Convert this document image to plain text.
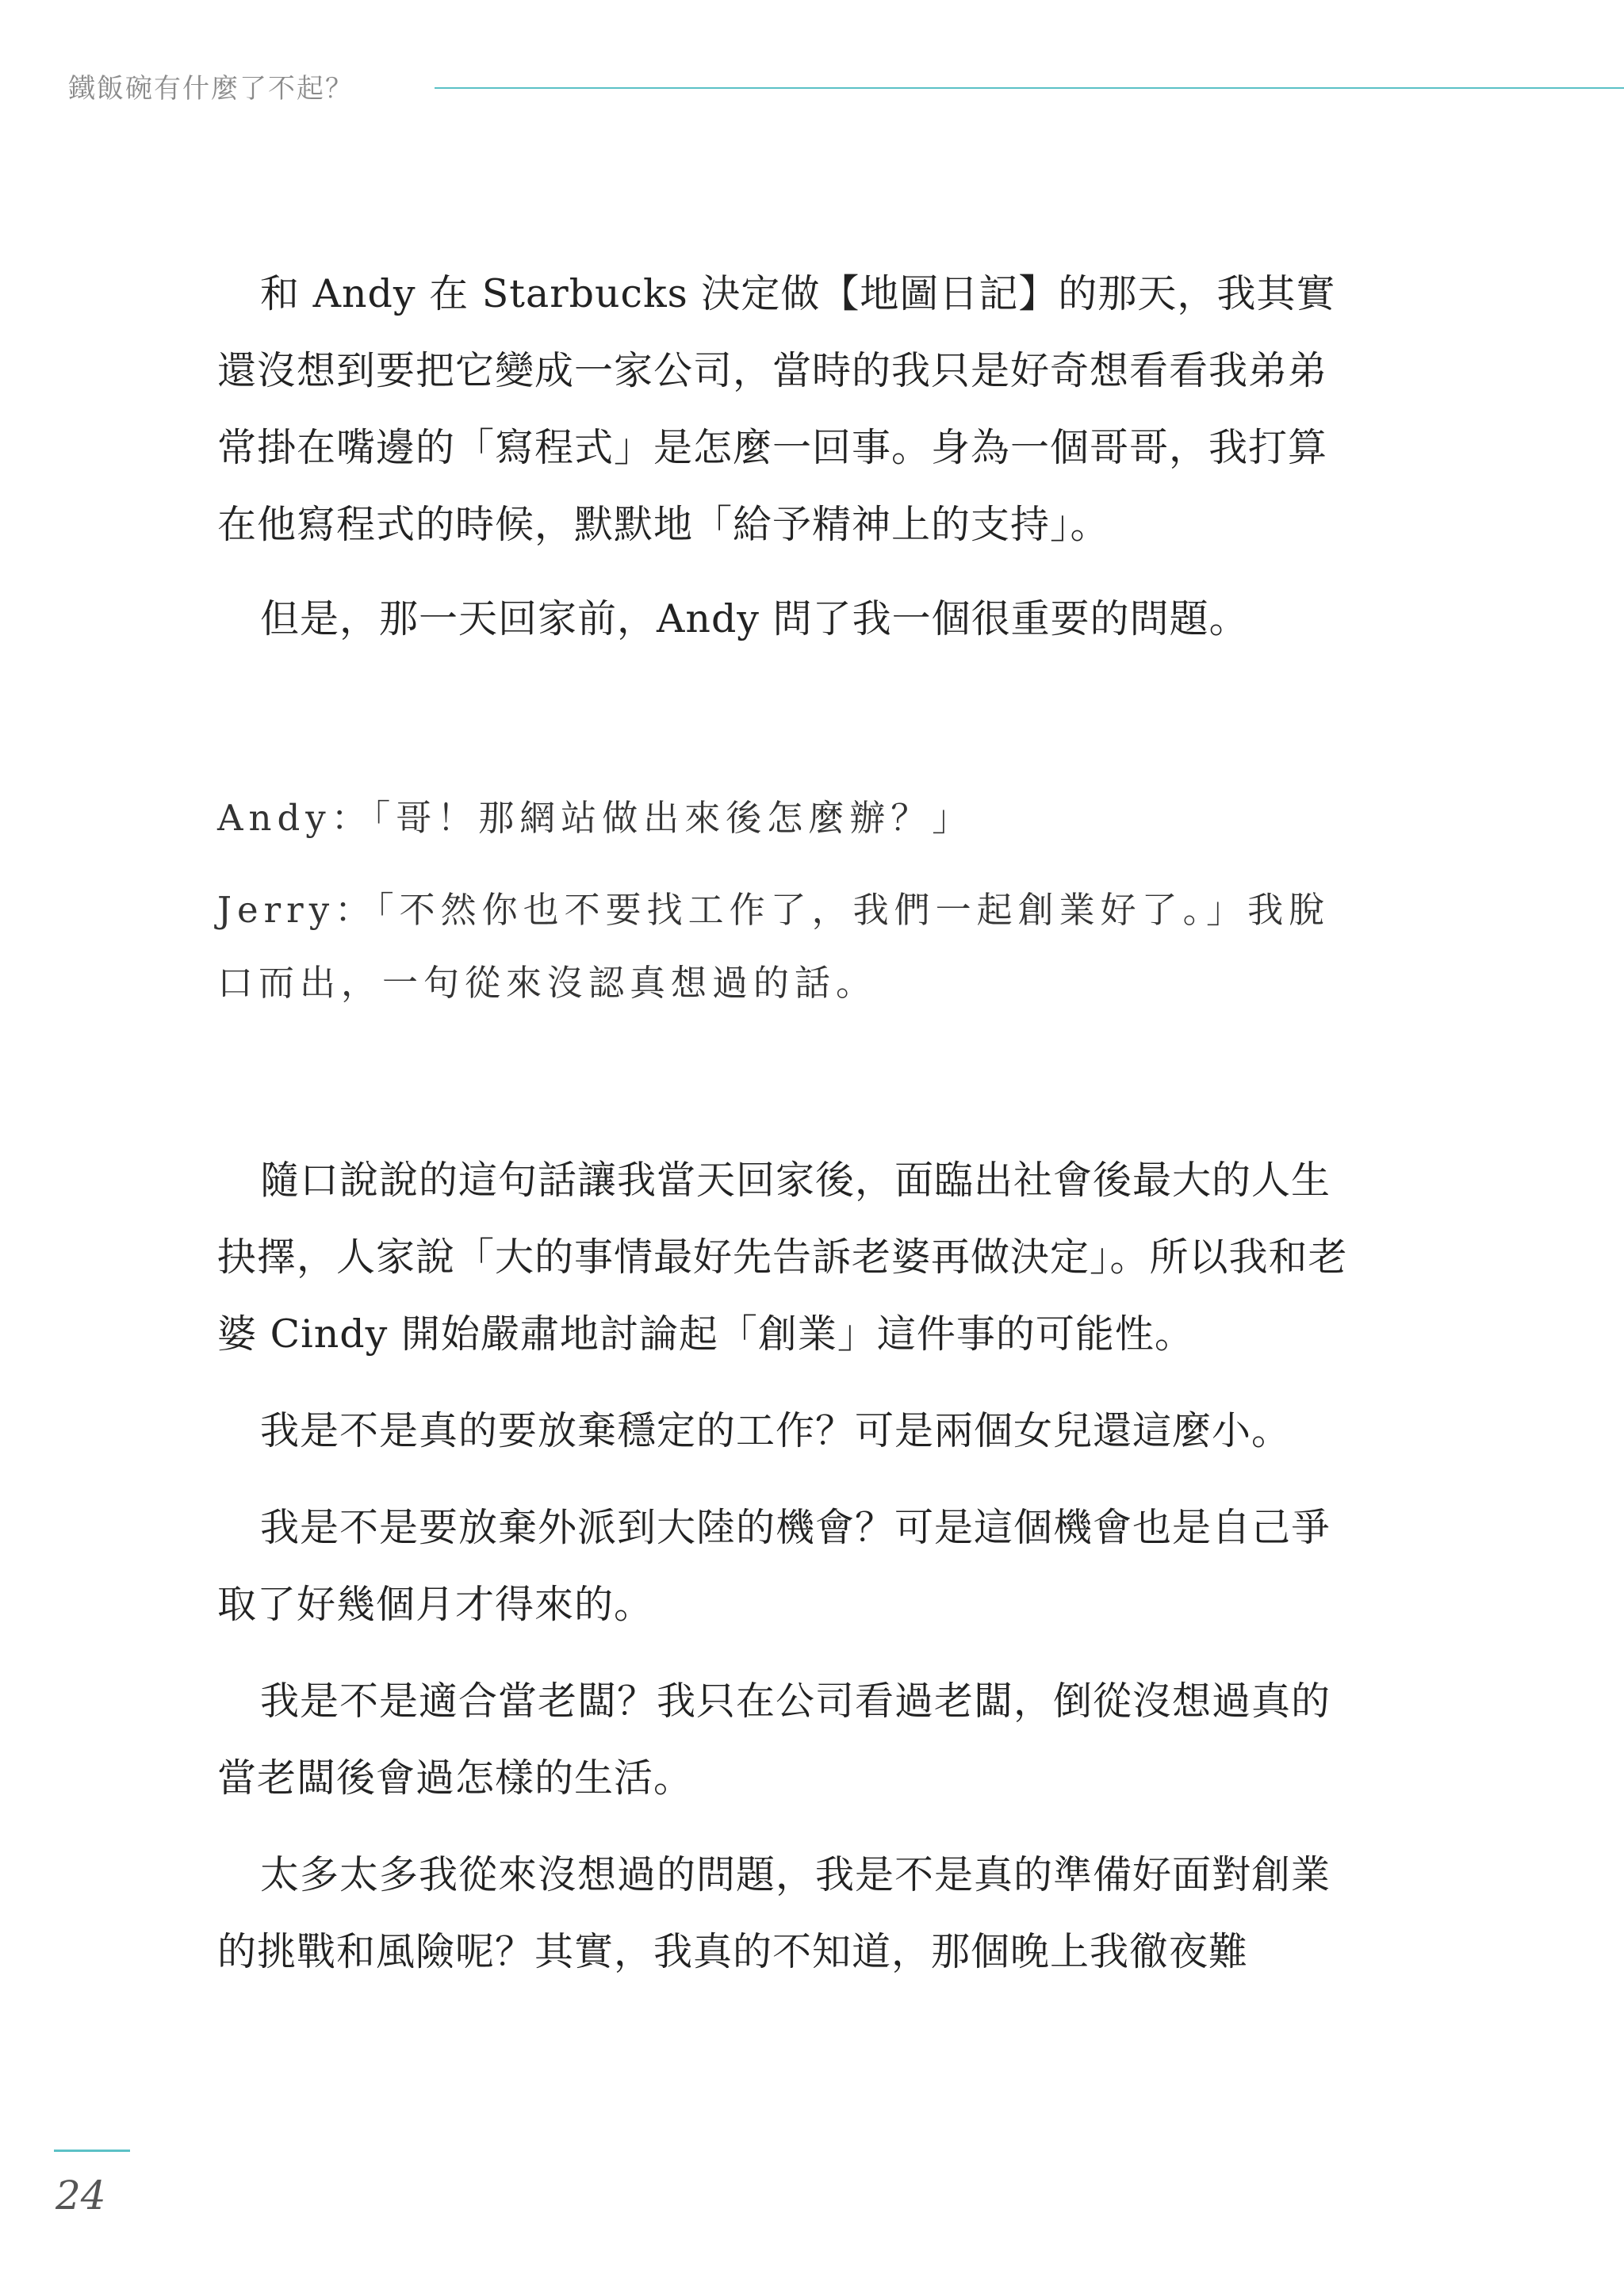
鐵飯碗有什麼了不起？

和 Andy 在 Starbucks 決定做【地圖日記】的那天，我其實還沒想到要把它變成一家公司，當時的我只是好奇想看看我弟弟常掛在嘴邊的「寫程式」是怎麼一回事。身為一個哥哥，我打算在他寫程式的時候，默默地「給予精神上的支持」。

但是，那一天回家前，Andy 問了我一個很重要的問題。

Andy：「哥！那網站做出來後怎麼辦？」

Jerry：「不然你也不要找工作了，我們一起創業好了。」我脫口而出，一句從來沒認真想過的話。

隨口說說的這句話讓我當天回家後，面臨出社會後最大的人生抉擇，人家說「大的事情最好先告訴老婆再做決定」。所以我和老婆 Cindy 開始嚴肅地討論起「創業」這件事的可能性。

我是不是真的要放棄穩定的工作？可是兩個女兒還這麼小。

我是不是要放棄外派到大陸的機會？可是這個機會也是自己爭取了好幾個月才得來的。

我是不是適合當老闆？我只在公司看過老闆，倒從沒想過真的當老闆後會過怎樣的生活。

太多太多我從來沒想過的問題，我是不是真的準備好面對創業的挑戰和風險呢？其實，我真的不知道，那個晚上我徹夜難

24
